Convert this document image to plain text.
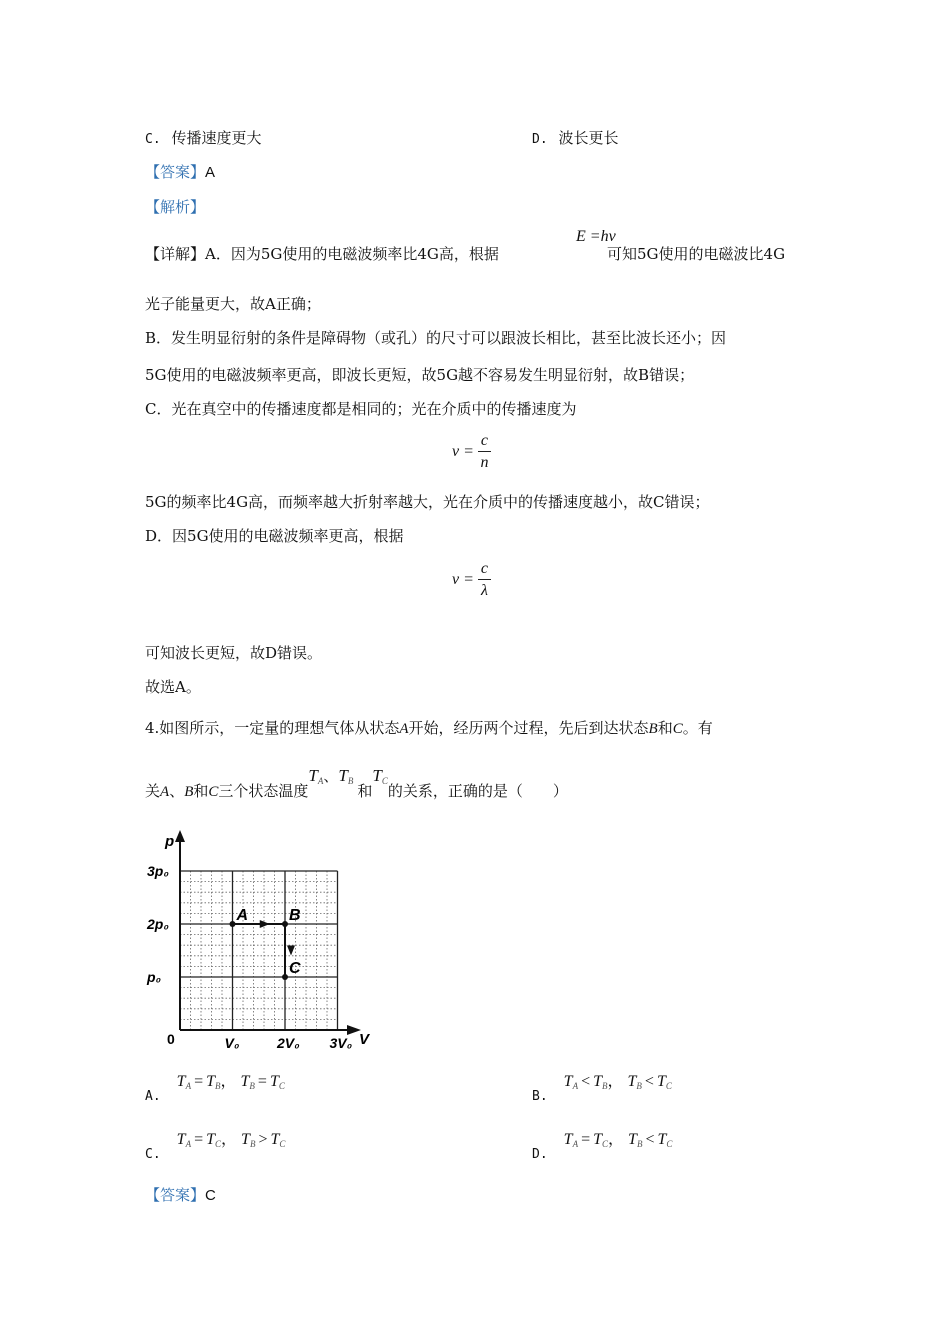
C. 传播速度更大	D. 波长更长
【答案】A
【解析】
【详解】A．因为5G使用的电磁波频率比4G高，根据
E =hν
可知5G使用的电磁波比4G
光子能量更大，故A正确；
B．发生明显衍射的条件是障碍物（或孔）的尺寸可以跟波长相比，甚至比波长还小；因
5G使用的电磁波频率更高，即波长更短，故5G越不容易发生明显衍射，故B错误；
C．光在真空中的传播速度都是相同的；光在介质中的传播速度为
$v = \frac{c}{n}$
5G的频率比4G高，而频率越大折射率越大，光在介质中的传播速度越小，故C错误；
D．因5G使用的电磁波频率更高，根据
$\nu = \frac{c}{\lambda}$
可知波长更短，故D错误。
故选A。
4.如图所示，一定量的理想气体从状态A开始，经历两个过程，先后到达状态B和C。有
关A、B和C三个状态温度$T_A$、$T_B$和$T_C$的关系，正确的是（　　）
p
V
0
3p₀
2p₀
p₀
V₀	2V₀ 3V₀
A	B
C
$_{A.}$ $T_A = T_B$， $T_B = T_C$
$_{B.}$ $T_A < T_B$， $T_B < T_C$
$_{C.}$ $T_A = T_C$， $T_B > T_C$
$_{D.}$ $T_A = T_C$， $T_B < T_C$
【答案】C
